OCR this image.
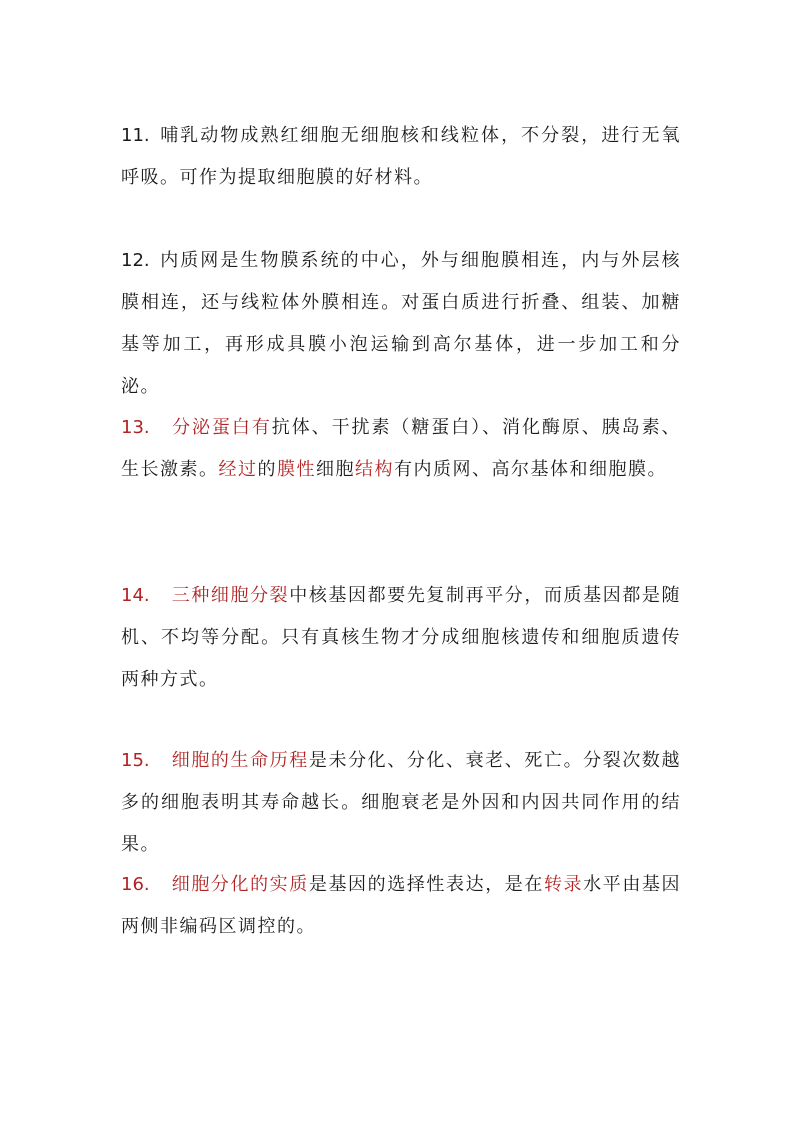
11. 哺乳动物成熟红细胞无细胞核和线粒体，不分裂，进行无氧呼吸。可作为提取细胞膜的好材料。

12. 内质网是生物膜系统的中心，外与细胞膜相连，内与外层核膜相连，还与线粒体外膜相连。对蛋白质进行折叠、组装、加糖基等加工，再形成具膜小泡运输到高尔基体，进一步加工和分泌。

13. 分泌蛋白有抗体、干扰素（糖蛋白）、消化酶原、胰岛素、生长激素。经过的膜性细胞结构有内质网、高尔基体和细胞膜。

14. 三种细胞分裂中核基因都要先复制再平分，而质基因都是随机、不均等分配。只有真核生物才分成细胞核遗传和细胞质遗传两种方式。

15. 细胞的生命历程是未分化、分化、衰老、死亡。分裂次数越多的细胞表明其寿命越长。细胞衰老是外因和内因共同作用的结果。

16. 细胞分化的实质是基因的选择性表达，是在转录水平由基因两侧非编码区调控的。
